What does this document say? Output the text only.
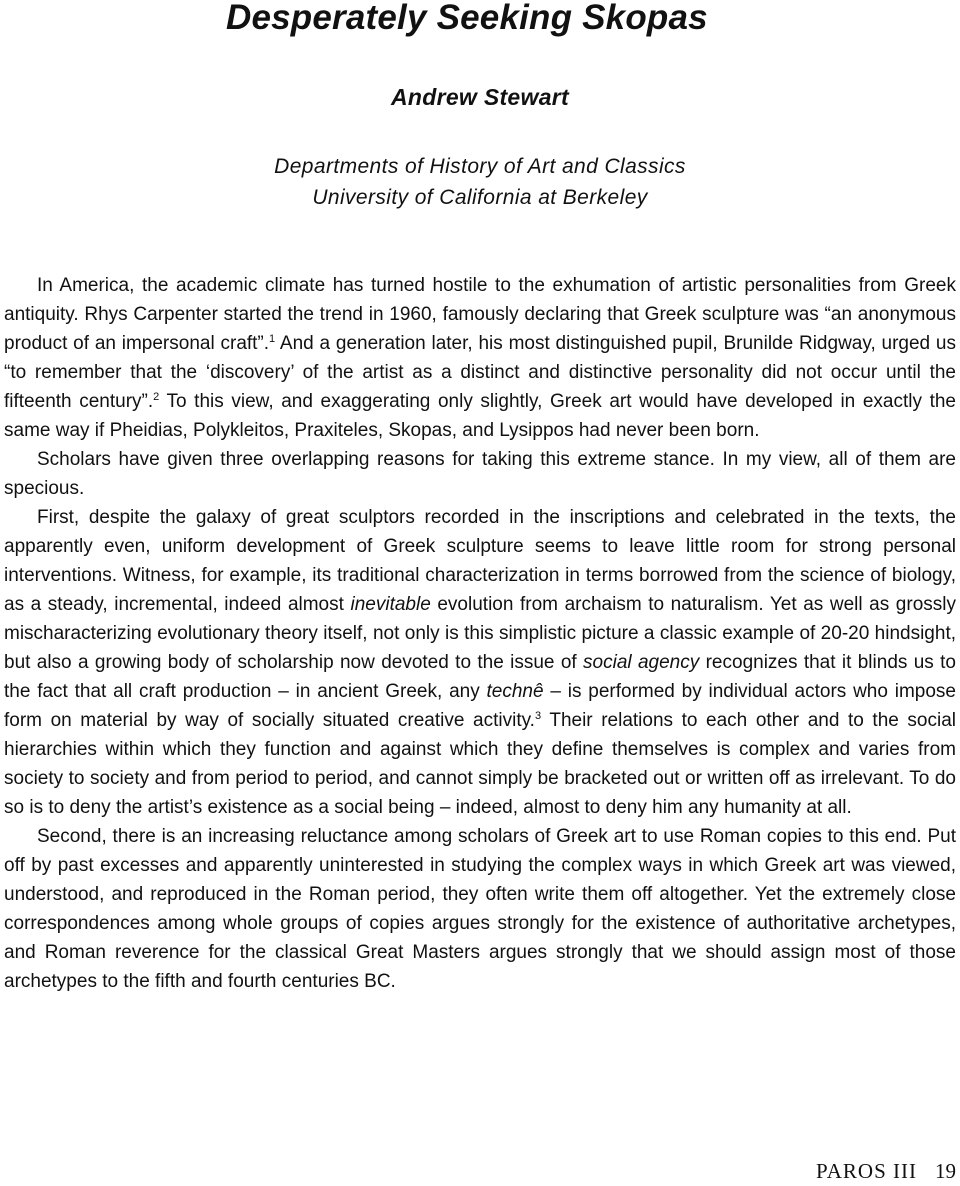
Desperately Seeking Skopas
Andrew Stewart
Departments of History of Art and Classics
University of California at Berkeley

In America, the academic climate has turned hostile to the exhumation of artistic personalities from Greek antiquity. Rhys Carpenter started the trend in 1960, famously declaring that Greek sculpture was “an anonymous product of an impersonal craft”.$^1$ And a generation later, his most distinguished pupil, Brunilde Ridgway, urged us “to remember that the ‘discovery’ of the artist as a distinct and distinctive personality did not occur until the fifteenth century”.$^2$ To this view, and exaggerating only slightly, Greek art would have developed in exactly the same way if Pheidias, Polykleitos, Praxiteles, Skopas, and Lysippos had never been born.

Scholars have given three overlapping reasons for taking this extreme stance. In my view, all of them are specious.

First, despite the galaxy of great sculptors recorded in the inscriptions and celebrated in the texts, the apparently even, uniform development of Greek sculpture seems to leave little room for strong personal interventions. Witness, for example, its traditional characterization in terms borrowed from the science of biology, as a steady, incremental, indeed almost inevitable evolution from archaism to naturalism. Yet as well as grossly mischaracterizing evolutionary theory itself, not only is this simplistic picture a classic example of 20-20 hindsight, but also a growing body of scholarship now devoted to the issue of social agency recognizes that it blinds us to the fact that all craft production – in ancient Greek, any technê – is performed by individual actors who impose form on material by way of socially situated creative activity.$^3$ Their relations to each other and to the social hierarchies within which they function and against which they define themselves is complex and varies from society to society and from period to period, and cannot simply be bracketed out or written off as irrelevant. To do so is to deny the artist’s existence as a social being – indeed, almost to deny him any humanity at all.

Second, there is an increasing reluctance among scholars of Greek art to use Roman copies to this end. Put off by past excesses and apparently uninterested in studying the complex ways in which Greek art was viewed, understood, and reproduced in the Roman period, they often write them off altogether. Yet the extremely close correspondences among whole groups of copies argues strongly for the existence of authoritative archetypes, and Roman reverence for the classical Great Masters argues strongly that we should assign most of those archetypes to the fifth and fourth centuries BC.

PAROS III 19
